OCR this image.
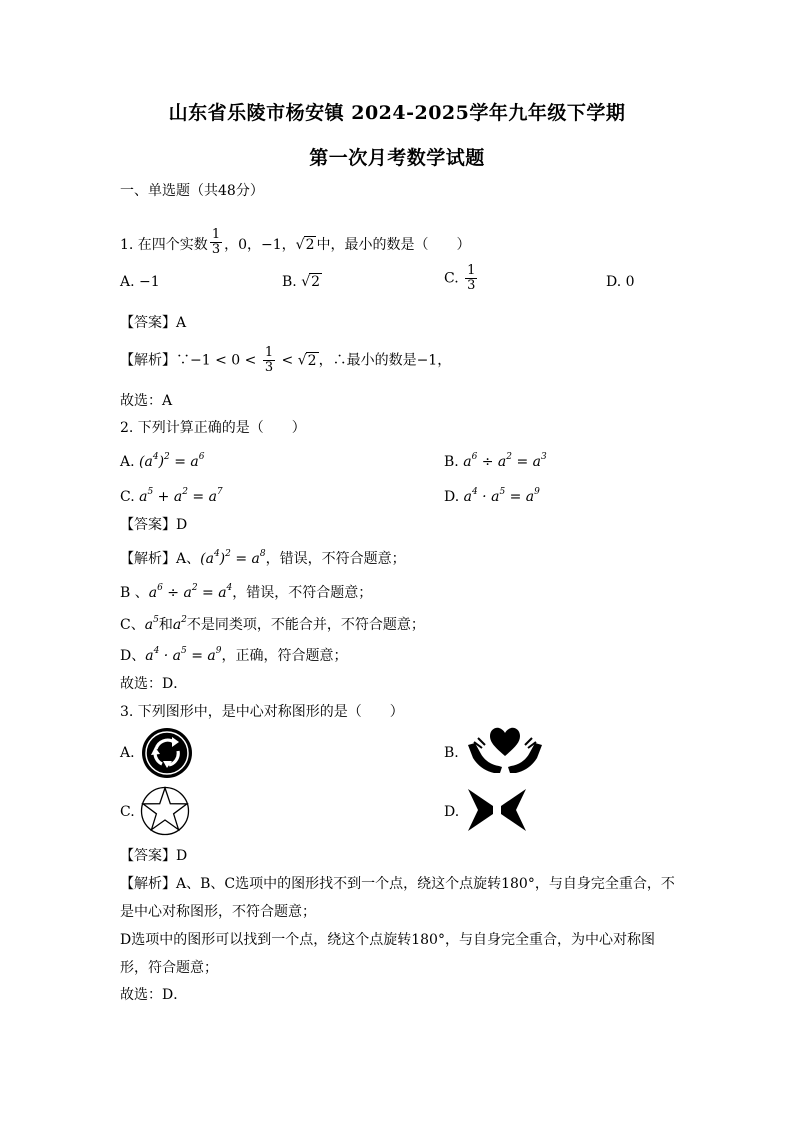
山东省乐陵市杨安镇 2024-2025学年九年级下学期
第一次月考数学试题
一、单选题（共48分）
1. 在四个实数 $\frac{1}{3}$ ，0，−1，√2 中，最小的数是（　　）
A. −1	B. √2	C. $\frac{1}{3}$	D. 0
【答案】A
【解析】∵−1 < $0 < \frac{1}{3} < √2$ ，∴最小的数是−1，
故选：A
2. 下列计算正确的是（　　）
A. $(a^4)^2 = a^6$	B. $a^6 \div a^2 = a^3$
C. $a^5 + a^2 = a^7$	D. $a^4 \cdot a^5 = a^9$
【答案】D
【解析】A、$(a^4)^2 = a^8$，错误，不符合题意；
B 、$a^6 \div a^2 = a^4$，错误，不符合题意；
C、$a^5$和$a^2$不是同类项，不能合并，不符合题意；
D、$a^4 \cdot a^5 = a^9$，正确，符合题意；
故选：D．
3. 下列图形中，是中心对称图形的是（　　）
A.	B.
C.	D.
【答案】D
【解析】A、B、C选项中的图形找不到一个点，绕这个点旋转180°，与自身完全重合，不
是中心对称图形，不符合题意；
D选项中的图形可以找到一个点，绕这个点旋转180°，与自身完全重合，为中心对称图
形，符合题意；
故选：D．
